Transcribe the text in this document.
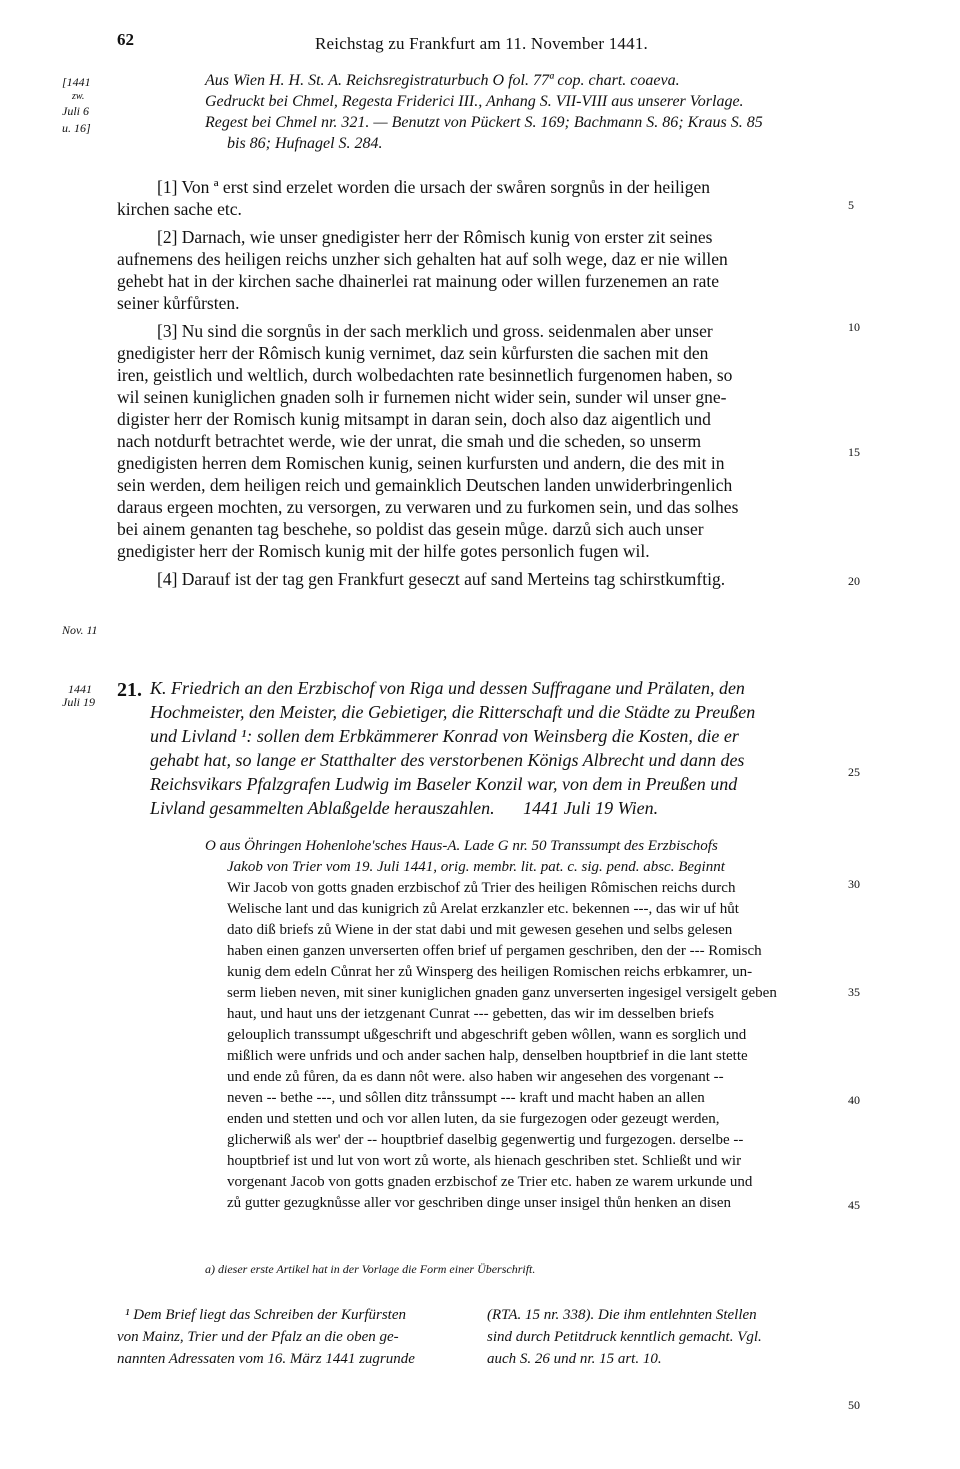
62	Reichstag zu Frankfurt am 11. November 1441.
[1441
zw.
Juli 6
u. 16]
Nov. 11
1441
Juli 19
5
10
15
20
25
30
35
40
45
50
Aus Wien H. H. St. A. Reichsregistraturbuch O fol. 77ª cop. chart. coaeva.
Gedruckt bei Chmel, Regesta Friderici III., Anhang S. VII-VIII aus unserer Vorlage.
Regest bei Chmel nr. 321. — Benutzt von Pückert S. 169; Bachmann S. 86; Kraus S. 85
bis 86; Hufnagel S. 284.

[1] Von ª erst sind erzelet worden die ursach der swåren sorgnůs in der heiligen

kirchen sache etc.

[2] Darnach, wie unser gnedigister herr der Rômisch kunig von erster zit seines

aufnemens des heiligen reichs unzher sich gehalten hat auf solh wege, daz er nie willen

gehebt hat in der kirchen sache dhainerlei rat mainung oder willen furzenemen an rate

seiner kůrfůrsten.

[3] Nu sind die sorgnůs in der sach merklich und gross. seidenmalen aber unser

gnedigister herr der Rômisch kunig vernimet, daz sein kůrfursten die sachen mit den

iren, geistlich und weltlich, durch wolbedachten rate besinnetlich furgenomen haben, so

wil seinen kuniglichen gnaden solh ir furnemen nicht wider sein, sunder wil unser gne-

digister herr der Romisch kunig mitsampt in daran sein, doch also daz aigentlich und

nach notdurft betrachtet werde, wie der unrat, die smah und die scheden, so unserm

gnedigisten herren dem Romischen kunig, seinen kurfursten und andern, die des mit in

sein werden, dem heiligen reich und gemainklich Deutschen landen unwiderbringenlich

daraus ergeen mochten, zu versorgen, zu verwaren und zu furkomen sein, und das solhes

bei ainem genanten tag beschehe, so poldist das gesein můge. darzů sich auch unser

gnedigister herr der Romisch kunig mit der hilfe gotes personlich fugen wil.

[4] Darauf ist der tag gen Frankfurt geseczt auf sand Merteins tag schirstkumftig.

21. K. Friedrich an den Erzbischof von Riga und dessen Suffragane und Prälaten, den
Hochmeister, den Meister, die Gebietiger, die Ritterschaft und die Städte zu Preußen
und Livland ¹: sollen dem Erbkämmerer Konrad von Weinsberg die Kosten, die er
gehabt hat, so lange er Statthalter des verstorbenen Königs Albrecht und dann des
Reichsvikars Pfalzgrafen Ludwig im Baseler Konzil war, von dem in Preußen und
Livland gesammelten Ablaßgelde herauszahlen. 1441 Juli 19 Wien.
O aus Öhringen Hohenlohe'sches Haus-A. Lade G nr. 50 Transsumpt des Erzbischofs
Jakob von Trier vom 19. Juli 1441, orig. membr. lit. pat. c. sig. pend. absc. Beginnt
Wir Jacob von gotts gnaden erzbischof zů Trier des heiligen Rômischen reichs durch
Welische lant und das kunigrich zů Arelat erzkanzler etc. bekennen ---, das wir uf hůt
dato diß briefs zů Wiene in der stat dabi und mit gewesen gesehen und selbs gelesen
haben einen ganzen unverserten offen brief uf pergamen geschriben, den der --- Romisch
kunig dem edeln Cůnrat her zů Winsperg des heiligen Romischen reichs erbkamrer, un-
serm lieben neven, mit siner kuniglichen gnaden ganz unverserten ingesigel versigelt geben
haut, und haut uns der ietzgenant Cunrat --- gebetten, das wir im desselben briefs
gelouplich transsumpt ußgeschrift und abgeschrift geben wôllen, wann es sorglich und
mißlich were unfrids und och ander sachen halp, denselben houptbrief in die lant stette
und ende zů fůren, da es dann nôt were. also haben wir angesehen des vorgenant --
neven -- bethe ---, und sôllen ditz trånssumpt --- kraft und macht haben an allen
enden und stetten und och vor allen luten, da sie furgezogen oder gezeugt werden,
glicherwiß als wer' der -- houptbrief daselbig gegenwertig und furgezogen. derselbe --
houptbrief ist und lut von wort zů worte, als hienach geschriben stet. Schließt und wir
vorgenant Jacob von gotts gnaden erzbischof ze Trier etc. haben ze warem urkunde und
zů gutter gezugknůsse aller vor geschriben dinge unser insigel thůn henken an disen
a) dieser erste Artikel hat in der Vorlage die Form einer Überschrift.
¹ Dem Brief liegt das Schreiben der Kurfürsten
von Mainz, Trier und der Pfalz an die oben ge-
nannten Adressaten vom 16. März 1441 zugrunde
(RTA. 15 nr. 338). Die ihm entlehnten Stellen
sind durch Petitdruck kenntlich gemacht. Vgl.
auch S. 26 und nr. 15 art. 10.
